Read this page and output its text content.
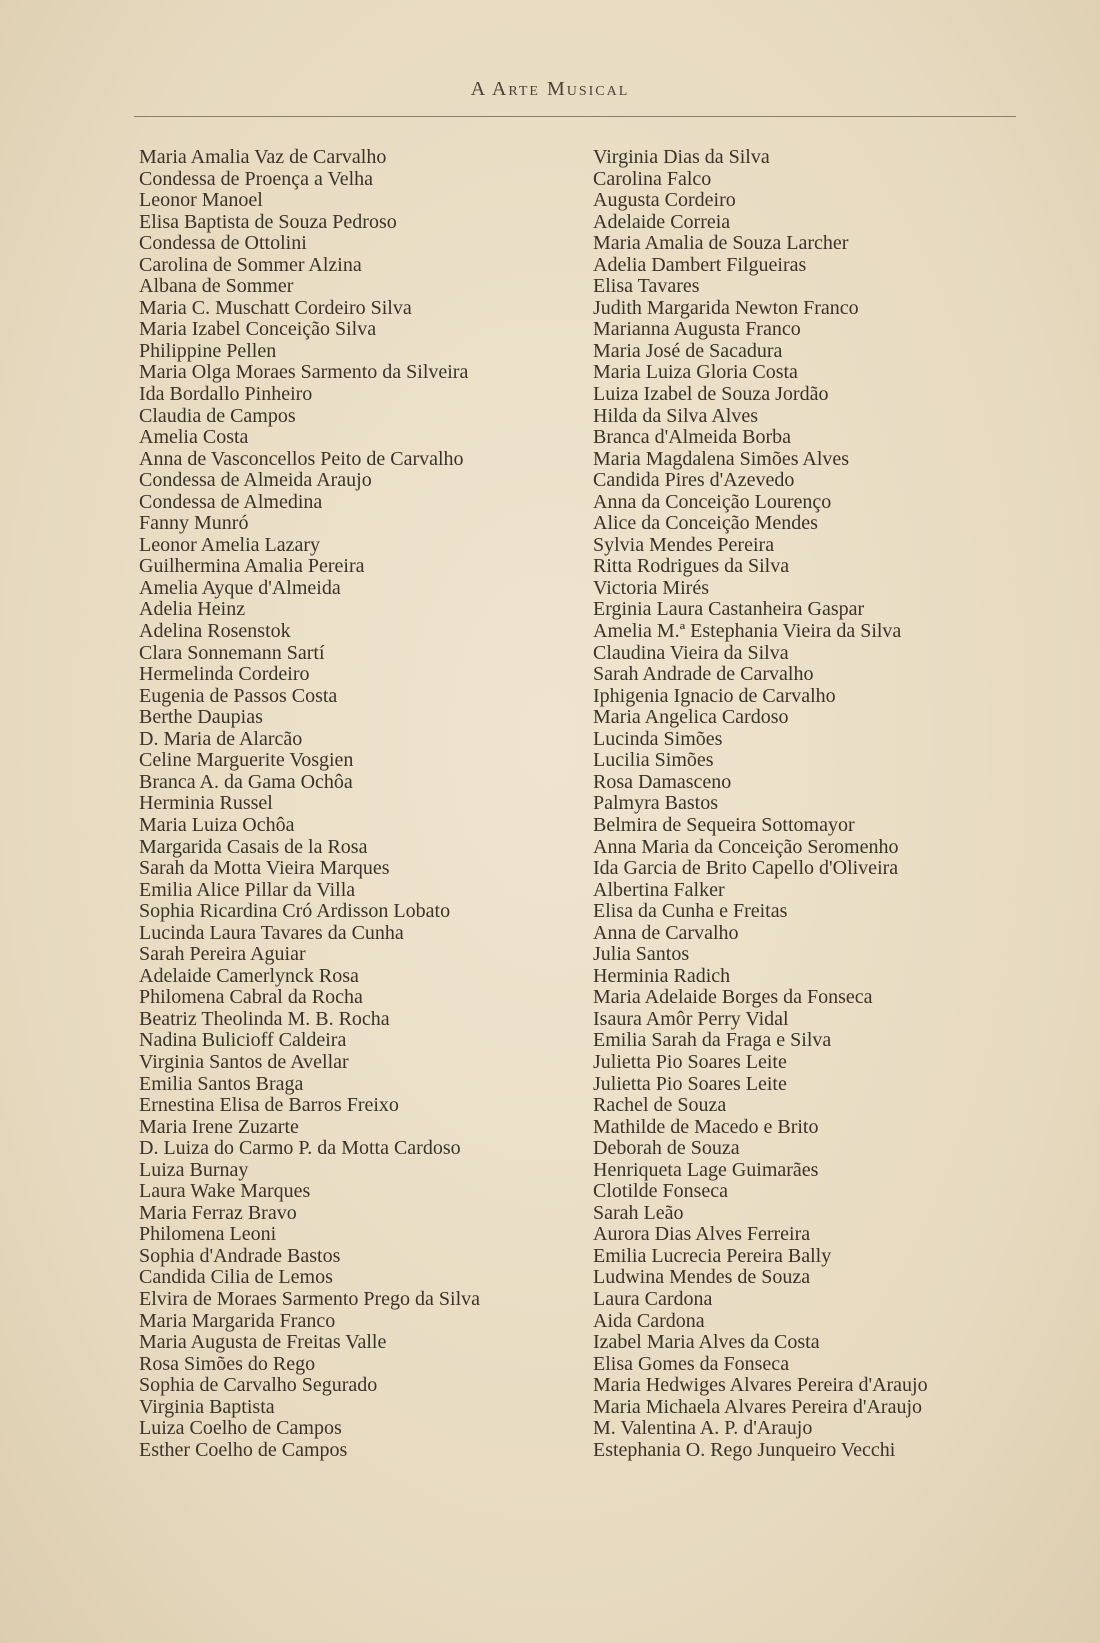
A Arte Musical
Maria Amalia Vaz de Carvalho
Condessa de Proença a Velha
Leonor Manoel
Elisa Baptista de Souza Pedroso
Condessa de Ottolini
Carolina de Sommer Alzina
Albana de Sommer
Maria C. Muschatt Cordeiro Silva
Maria Izabel Conceição Silva
Philippine Pellen
Maria Olga Moraes Sarmento da Silveira
Ida Bordallo Pinheiro
Claudia de Campos
Amelia Costa
Anna de Vasconcellos Peito de Carvalho
Condessa de Almeida Araujo
Condessa de Almedina
Fanny Munró
Leonor Amelia Lazary
Guilhermina Amalia Pereira
Amelia Ayque d'Almeida
Adelia Heinz
Adelina Rosenstok
Clara Sonnemann Sartí
Hermelinda Cordeiro
Eugenia de Passos Costa
Berthe Daupias
D. Maria de Alarcão
Celine Marguerite Vosgien
Branca A. da Gama Ochôa
Herminia Russel
Maria Luiza Ochôa
Margarida Casais de la Rosa
Sarah da Motta Vieira Marques
Emilia Alice Pillar da Villa
Sophia Ricardina Cró Ardisson Lobato
Lucinda Laura Tavares da Cunha
Sarah Pereira Aguiar
Adelaide Camerlynck Rosa
Philomena Cabral da Rocha
Beatriz Theolinda M. B. Rocha
Nadina Bulicioff Caldeira
Virginia Santos de Avellar
Emilia Santos Braga
Ernestina Elisa de Barros Freixo
Maria Irene Zuzarte
D. Luiza do Carmo P. da Motta Cardoso
Luiza Burnay
Laura Wake Marques
Maria Ferraz Bravo
Philomena Leoni
Sophia d'Andrade Bastos
Candida Cilia de Lemos
Elvira de Moraes Sarmento Prego da Silva
Maria Margarida Franco
Maria Augusta de Freitas Valle
Rosa Simões do Rego
Sophia de Carvalho Segurado
Virginia Baptista
Luiza Coelho de Campos
Esther Coelho de Campos
Virginia Dias da Silva
Carolina Falco
Augusta Cordeiro
Adelaide Correia
Maria Amalia de Souza Larcher
Adelia Dambert Filgueiras
Elisa Tavares
Judith Margarida Newton Franco
Marianna Augusta Franco
Maria José de Sacadura
Maria Luiza Gloria Costa
Luiza Izabel de Souza Jordão
Hilda da Silva Alves
Branca d'Almeida Borba
Maria Magdalena Simões Alves
Candida Pires d'Azevedo
Anna da Conceição Lourenço
Alice da Conceição Mendes
Sylvia Mendes Pereira
Ritta Rodrigues da Silva
Victoria Mirés
Erginia Laura Castanheira Gaspar
Amelia M.ª Estephania Vieira da Silva
Claudina Vieira da Silva
Sarah Andrade de Carvalho
Iphigenia Ignacio de Carvalho
Maria Angelica Cardoso
Lucinda Simões
Lucilia Simões
Rosa Damasceno
Palmyra Bastos
Belmira de Sequeira Sottomayor
Anna Maria da Conceição Seromenho
Ida Garcia de Brito Capello d'Oliveira
Albertina Falker
Elisa da Cunha e Freitas
Anna de Carvalho
Julia Santos
Herminia Radich
Maria Adelaide Borges da Fonseca
Isaura Amôr Perry Vidal
Emilia Sarah da Fraga e Silva
Julietta Pio Soares Leite
Julietta Pio Soares Leite
Rachel de Souza
Mathilde de Macedo e Brito
Deborah de Souza
Henriqueta Lage Guimarães
Clotilde Fonseca
Sarah Leão
Aurora Dias Alves Ferreira
Emilia Lucrecia Pereira Bally
Ludwina Mendes de Souza
Laura Cardona
Aida Cardona
Izabel Maria Alves da Costa
Elisa Gomes da Fonseca
Maria Hedwiges Alvares Pereira d'Araujo
Maria Michaela Alvares Pereira d'Araujo
M. Valentina A. P. d'Araujo
Estephania O. Rego Junqueiro Vecchi
